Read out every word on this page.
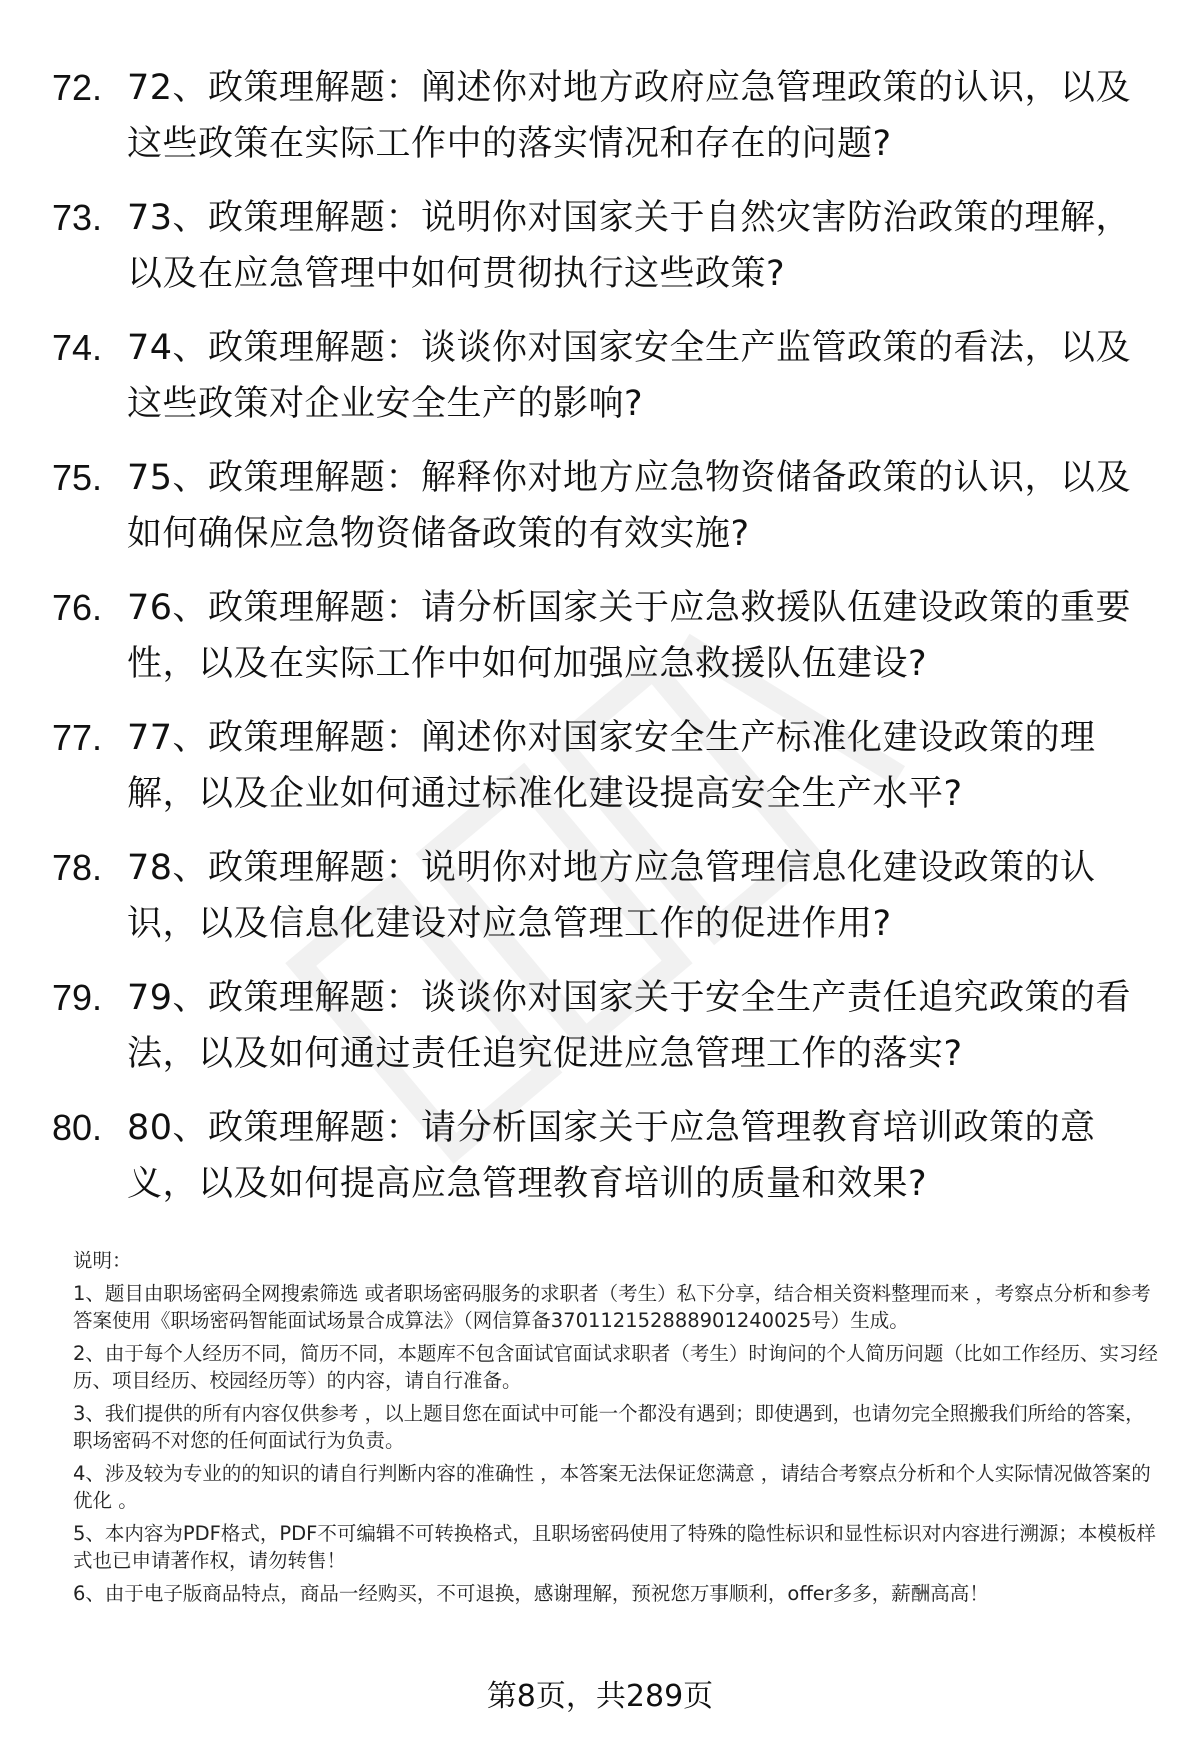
72. 72、政策理解题：阐述你对地方政府应急管理政策的认识，以及这些政策在实际工作中的落实情况和存在的问题?
73. 73、政策理解题：说明你对国家关于自然灾害防治政策的理解，以及在应急管理中如何贯彻执行这些政策?
74. 74、政策理解题：谈谈你对国家安全生产监管政策的看法，以及这些政策对企业安全生产的影响?
75. 75、政策理解题：解释你对地方应急物资储备政策的认识，以及如何确保应急物资储备政策的有效实施?
76. 76、政策理解题：请分析国家关于应急救援队伍建设政策的重要性，以及在实际工作中如何加强应急救援队伍建设?
77. 77、政策理解题：阐述你对国家安全生产标准化建设政策的理解，以及企业如何通过标准化建设提高安全生产水平?
78. 78、政策理解题：说明你对地方应急管理信息化建设政策的认识，以及信息化建设对应急管理工作的促进作用?
79. 79、政策理解题：谈谈你对国家关于安全生产责任追究政策的看法，以及如何通过责任追究促进应急管理工作的落实?
80. 80、政策理解题：请分析国家关于应急管理教育培训政策的意义，以及如何提高应急管理教育培训的质量和效果?
说明：
1、题目由职场密码全网搜索筛选 或者职场密码服务的求职者（考生）私下分享，结合相关资料整理而来 ，考察点分析和参考答案使用《职场密码智能面试场景合成算法》（网信算备370112152888901240025号）生成。
2、由于每个人经历不同，简历不同，本题库不包含面试官面试求职者（考生）时询问的个人简历问题（比如工作经历、实习经历、项目经历、校园经历等）的内容，请自行准备。
3、我们提供的所有内容仅供参考 ，以上题目您在面试中可能一个都没有遇到；即使遇到，也请勿完全照搬我们所给的答案，职场密码不对您的任何面试行为负责。
4、涉及较为专业的的知识的请自行判断内容的准确性 ，本答案无法保证您满意 ，请结合考察点分析和个人实际情况做答案的优化 。
5、本内容为PDF格式，PDF不可编辑不可转换格式，且职场密码使用了特殊的隐性标识和显性标识对内容进行溯源；本模板样式也已申请著作权，请勿转售！
6、由于电子版商品特点，商品一经购买，不可退换，感谢理解，预祝您万事顺利，offer多多，薪酬高高！
第8页，共289页
